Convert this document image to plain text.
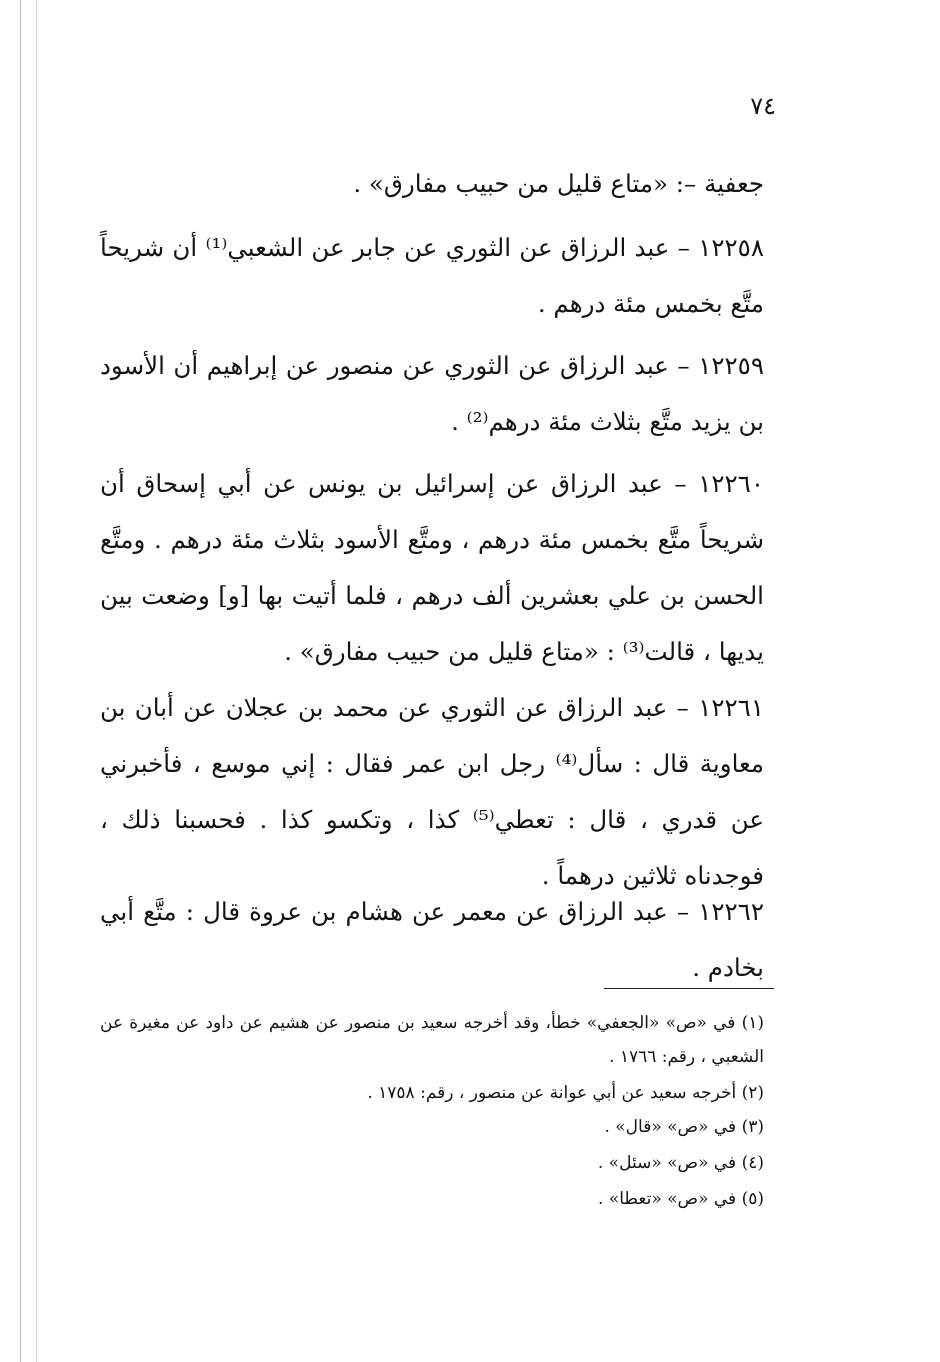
٧٤

جعفية –: «متاع قليل من حبيب مفارق» .

١٢٢٥٨ – عبد الرزاق عن الثوري عن جابر عن الشعبي⁽¹⁾ أن شريحاً متَّع بخمس مئة درهم .

١٢٢٥٩ – عبد الرزاق عن الثوري عن منصور عن إبراهيم أن الأسود بن يزيد متَّع بثلاث مئة درهم⁽²⁾ .

١٢٢٦٠ – عبد الرزاق عن إسرائيل بن يونس عن أبي إسحاق أن شريحاً متَّع بخمس مئة درهم ، ومتَّع الأسود بثلاث مئة درهم . ومتَّع الحسن بن علي بعشرين ألف درهم ، فلما أتيت بها [و] وضعت بين يديها ، قالت⁽³⁾ : «متاع قليل من حبيب مفارق» .

١٢٢٦١ – عبد الرزاق عن الثوري عن محمد بن عجلان عن أبان بن معاوية قال : سأل⁽⁴⁾ رجل ابن عمر فقال : إني موسع ، فأخبرني عن قدري ، قال : تعطي⁽⁵⁾ كذا ، وتكسو كذا . فحسبنا ذلك ، فوجدناه ثلاثين درهماً .

١٢٢٦٢ – عبد الرزاق عن معمر عن هشام بن عروة قال : متَّع أبي بخادم .

(١) في «ص» «الجعفي» خطأ، وقد أخرجه سعيد بن منصور عن هشيم عن داود عن مغيرة عن الشعبي ، رقم: ١٧٦٦ .

(٢) أخرجه سعيد عن أبي عوانة عن منصور ، رقم: ١٧٥٨ .

(٣) في «ص» «قال» .

(٤) في «ص» «سئل» .

(٥) في «ص» «تعطا» .
